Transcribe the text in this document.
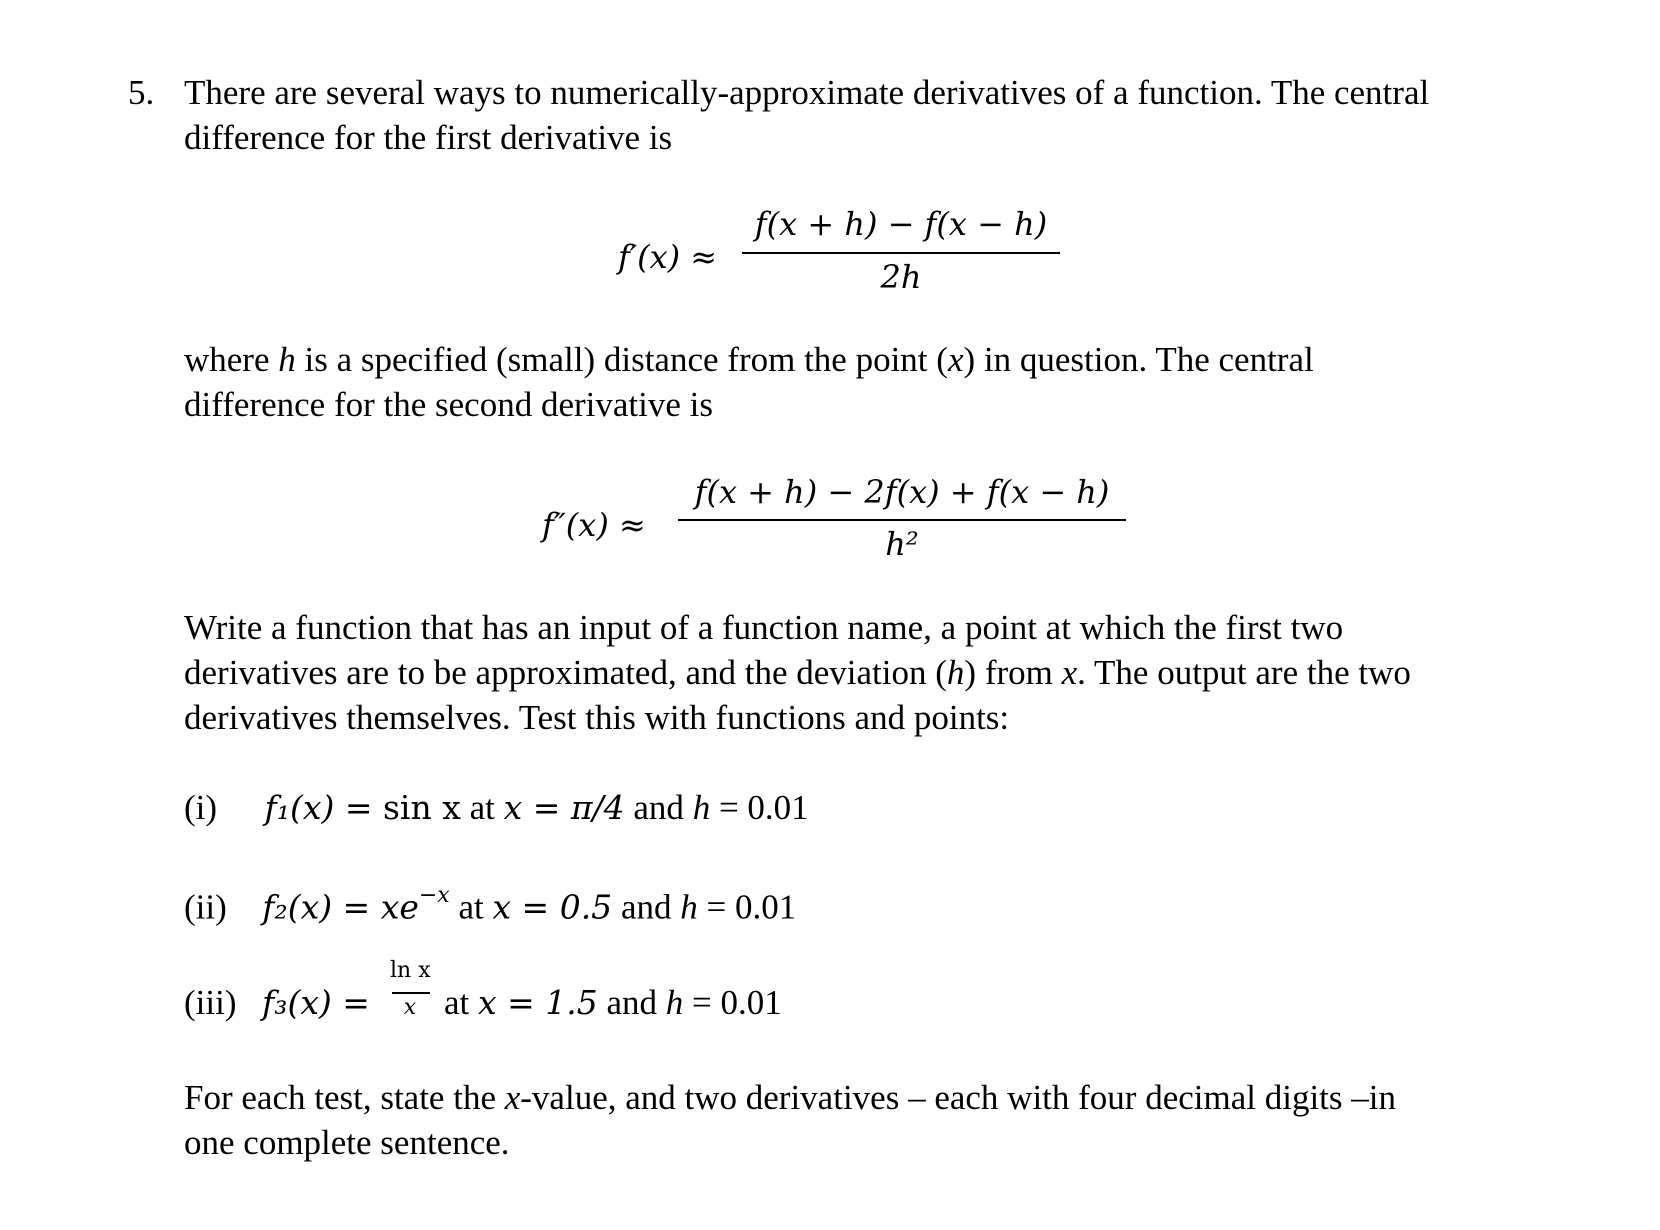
5. There are several ways to numerically-approximate derivatives of a function. The central
difference for the first derivative is
f′(x) ≈
f(x + h) − f(x − h)
2h
where h is a specified (small) distance from the point (x) in question. The central
difference for the second derivative is
f″(x) ≈
f(x + h) − 2f(x) + f(x − h)
h²
Write a function that has an input of a function name, a point at which the first two
derivatives are to be approximated, and the deviation (h) from x. The output are the two
derivatives themselves. Test this with functions and points:
(i) f₁(x) = sin x at x = π/4 and h = 0.01
(ii) $f_2(x) = xe^{-x}$ at x = 0.5 and h = 0.01
(iii) f₃(x) =
ln x
x at x = 1.5 and h = 0.01
For each test, state the x-value, and two derivatives – each with four decimal digits –in
one complete sentence.
